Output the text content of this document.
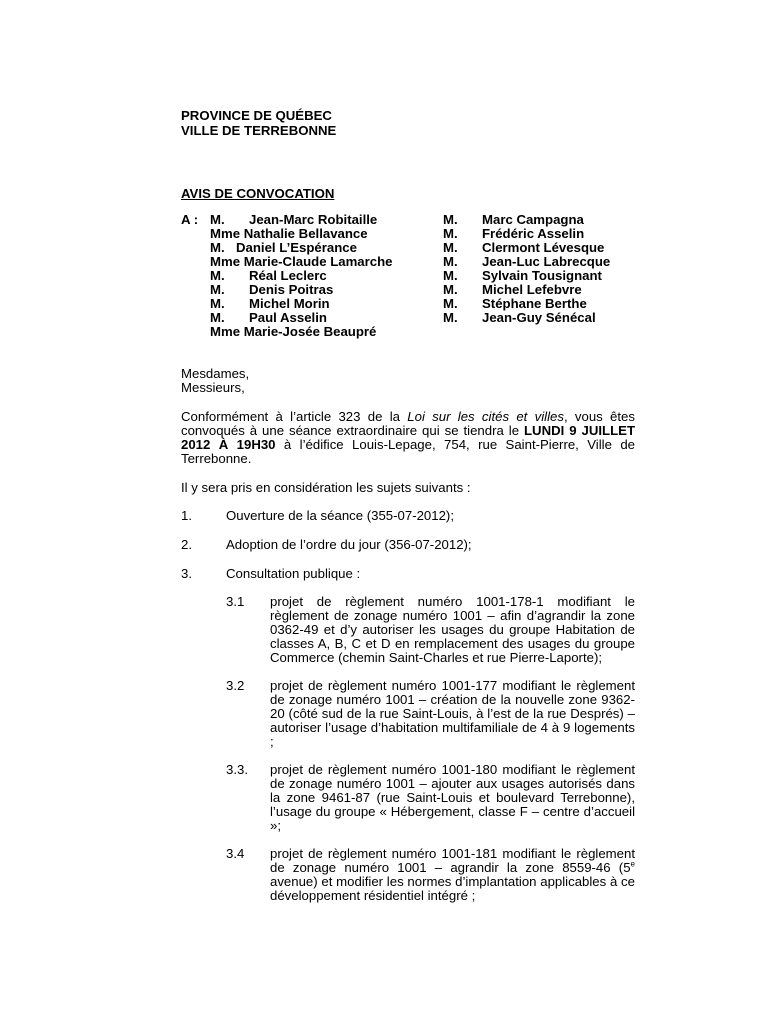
PROVINCE DE QUÉBEC
VILLE DE TERREBONNE
AVIS DE CONVOCATION
A : M. Jean-Marc Robitaille
Mme Nathalie Bellavance
M. Daniel L’Espérance
Mme Marie-Claude Lamarche
M. Réal Leclerc
M. Denis Poitras
M. Michel Morin
M. Paul Asselin
Mme Marie-Josée Beaupré
M. Marc Campagna
M. Frédéric Asselin
M. Clermont Lévesque
M. Jean-Luc Labrecque
M. Sylvain Tousignant
M. Michel Lefebvre
M. Stéphane Berthe
M. Jean-Guy Sénécal
Mesdames,
Messieurs,
Conformément à l’article 323 de la Loi sur les cités et villes, vous êtes convoqués à une séance extraordinaire qui se tiendra le LUNDI 9 JUILLET 2012 À 19H30 à l’édifice Louis-Lepage, 754, rue Saint-Pierre, Ville de Terrebonne.
Il y sera pris en considération les sujets suivants :
1.	Ouverture de la séance (355-07-2012);
2.	Adoption de l’ordre du jour (356-07-2012);
3.	Consultation publique :
3.1 projet de règlement numéro 1001-178-1 modifiant le règlement de zonage numéro 1001 – afin d’agrandir la zone 0362-49 et d’y autoriser les usages du groupe Habitation de classes A, B, C et D en remplacement des usages du groupe Commerce (chemin Saint-Charles et rue Pierre-Laporte);
3.2 projet de règlement numéro 1001-177 modifiant le règlement de zonage numéro 1001 – création de la nouvelle zone 9362-20 (côté sud de la rue Saint-Louis, à l’est de la rue Després) – autoriser l’usage d’habitation multifamiliale de 4 à 9 logements ;
3.3. projet de règlement numéro 1001-180 modifiant le règlement de zonage numéro 1001 – ajouter aux usages autorisés dans la zone 9461-87 (rue Saint-Louis et boulevard Terrebonne), l’usage du groupe « Hébergement, classe F – centre d’accueil »;
3.4 projet de règlement numéro 1001-181 modifiant le règlement de zonage numéro 1001 – agrandir la zone 8559-46 (5e avenue) et modifier les normes d’implantation applicables à ce développement résidentiel intégré ;
